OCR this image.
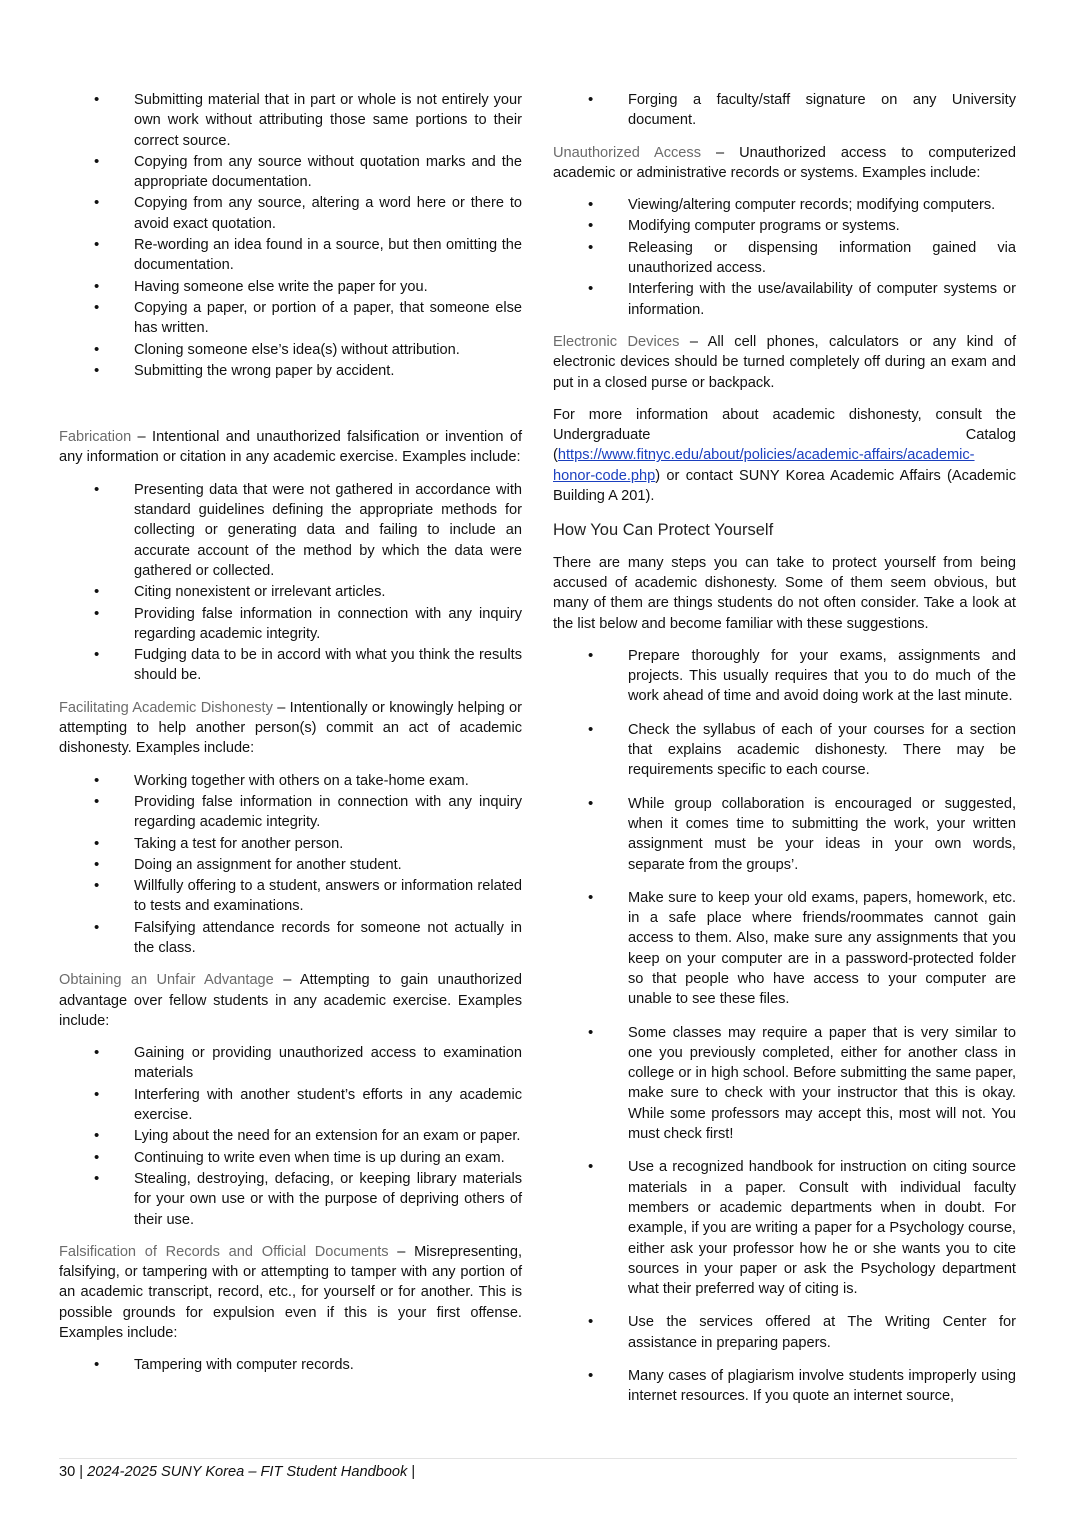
• Submitting material that in part or whole is not entirely your own work without attributing those same portions to their correct source.
• Copying from any source without quotation marks and the appropriate documentation.
• Copying from any source, altering a word here or there to avoid exact quotation.
• Re-wording an idea found in a source, but then omitting the documentation.
• Having someone else write the paper for you.
• Copying a paper, or portion of a paper, that someone else has written.
• Cloning someone else’s idea(s) without attribution.
• Submitting the wrong paper by accident.

Fabrication – Intentional and unauthorized falsification or invention of any information or citation in any academic exercise. Examples include:

• Presenting data that were not gathered in accordance with standard guidelines defining the appropriate methods for collecting or generating data and failing to include an accurate account of the method by which the data were gathered or collected.
• Citing nonexistent or irrelevant articles.
• Providing false information in connection with any inquiry regarding academic integrity.
• Fudging data to be in accord with what you think the results should be.

Facilitating Academic Dishonesty – Intentionally or knowingly helping or attempting to help another person(s) commit an act of academic dishonesty. Examples include:

• Working together with others on a take-home exam.
• Providing false information in connection with any inquiry regarding academic integrity.
• Taking a test for another person.
• Doing an assignment for another student.
• Willfully offering to a student, answers or information related to tests and examinations.
• Falsifying attendance records for someone not actually in the class.

Obtaining an Unfair Advantage – Attempting to gain unauthorized advantage over fellow students in any academic exercise. Examples include:

• Gaining or providing unauthorized access to examination materials
• Interfering with another student’s efforts in any academic exercise.
• Lying about the need for an extension for an exam or paper.
• Continuing to write even when time is up during an exam.
• Stealing, destroying, defacing, or keeping library materials for your own use or with the purpose of depriving others of their use.

Falsification of Records and Official Documents – Misrepresenting, falsifying, or tampering with or attempting to tamper with any portion of an academic transcript, record, etc., for yourself or for another. This is possible grounds for expulsion even if this is your first offense. Examples include:

• Tampering with computer records.
• Forging a faculty/staff signature on any University document.

Unauthorized Access – Unauthorized access to computerized academic or administrative records or systems. Examples include:

• Viewing/altering computer records; modifying computers.
• Modifying computer programs or systems.
• Releasing or dispensing information gained via unauthorized access.
• Interfering with the use/availability of computer systems or information.

Electronic Devices – All cell phones, calculators or any kind of electronic devices should be turned completely off during an exam and put in a closed purse or backpack.

For more information about academic dishonesty, consult the Undergraduate Catalog (https://www.fitnyc.edu/about/policies/academic-affairs/academic-honor-code.php) or contact SUNY Korea Academic Affairs (Academic Building A 201).

How You Can Protect Yourself

There are many steps you can take to protect yourself from being accused of academic dishonesty. Some of them seem obvious, but many of them are things students do not often consider. Take a look at the list below and become familiar with these suggestions.

• Prepare thoroughly for your exams, assignments and projects. This usually requires that you to do much of the work ahead of time and avoid doing work at the last minute.
• Check the syllabus of each of your courses for a section that explains academic dishonesty. There may be requirements specific to each course.
• While group collaboration is encouraged or suggested, when it comes time to submitting the work, your written assignment must be your ideas in your own words, separate from the groups’.
• Make sure to keep your old exams, papers, homework, etc. in a safe place where friends/roommates cannot gain access to them. Also, make sure any assignments that you keep on your computer are in a password-protected folder so that people who have access to your computer are unable to see these files.
• Some classes may require a paper that is very similar to one you previously completed, either for another class in college or in high school. Before submitting the same paper, make sure to check with your instructor that this is okay. While some professors may accept this, most will not. You must check first!
• Use a recognized handbook for instruction on citing source materials in a paper. Consult with individual faculty members or academic departments when in doubt. For example, if you are writing a paper for a Psychology course, either ask your professor how he or she wants you to cite sources in your paper or ask the Psychology department what their preferred way of citing is.
• Use the services offered at The Writing Center for assistance in preparing papers.
• Many cases of plagiarism involve students improperly using internet resources. If you quote an internet source,
30 | 2024-2025 SUNY Korea – FIT Student Handbook |
